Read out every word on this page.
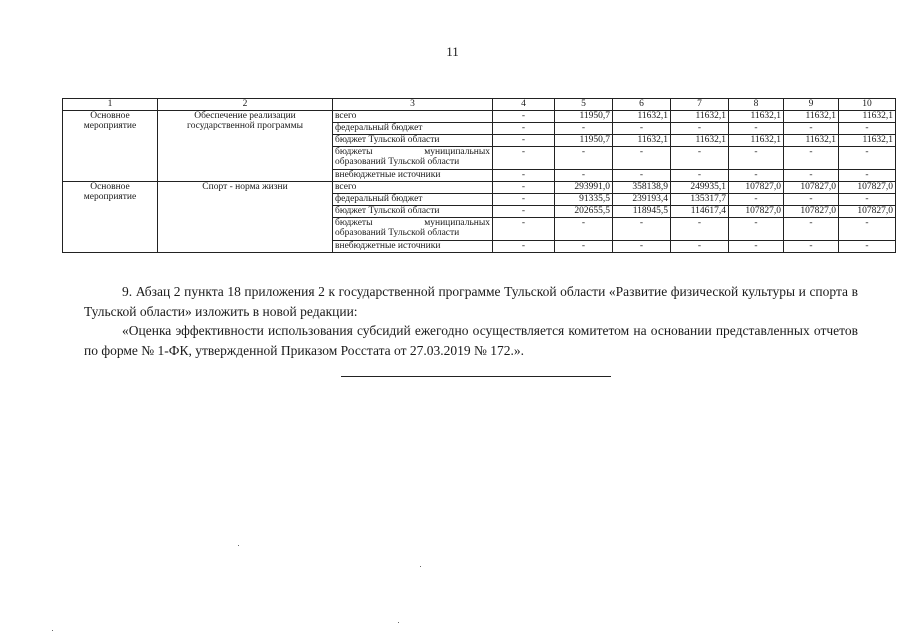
11
1	2	3	4	5	6	7	8	9	10
Основное мероприятие	Обеспечение реализации государственной программы	всего	-	11950,7	11632,1	11632,1	11632,1	11632,1	11632,1
		федеральный бюджет	-	-	-	-	-	-	-
		бюджет Тульской области	-	11950,7	11632,1	11632,1	11632,1	11632,1	11632,1
		бюджеты муниципальных образований Тульской области	-	-	-	-	-	-	-
		внебюджетные источники	-	-	-	-	-	-	-
Основное мероприятие	Спорт - норма жизни	всего	-	293991,0	358138,9	249935,1	107827,0	107827,0	107827,0
		федеральный бюджет	-	91335,5	239193,4	135317,7	-	-	-
		бюджет Тульской области	-	202655,5	118945,5	114617,4	107827,0	107827,0	107827,0
		бюджеты муниципальных образований Тульской области	-	-	-	-	-	-	-
		внебюджетные источники	-	-	-	-	-	-	-
9. Абзац 2 пункта 18 приложения 2 к государственной программе Тульской области «Развитие физической культуры и спорта в Тульской области» изложить в новой редакции:
«Оценка эффективности использования субсидий ежегодно осуществляется комитетом на основании представленных отчетов по форме № 1-ФК, утвержденной Приказом Росстата от 27.03.2019 № 172.».
